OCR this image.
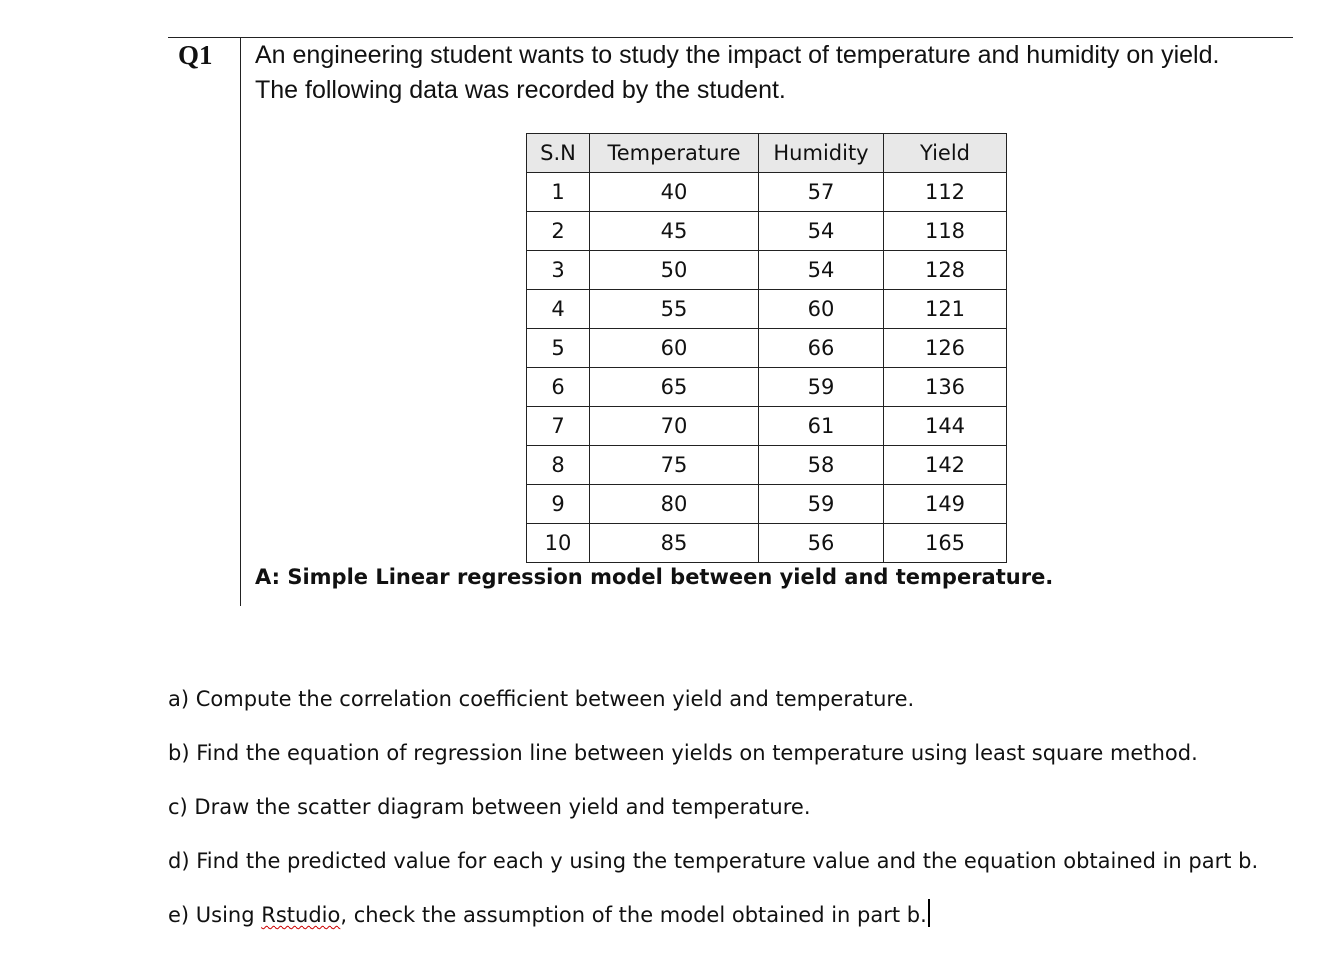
Q1 An engineering student wants to study the impact of temperature and humidity on yield.
The following data was recorded by the student.
S.N	Temperature	Humidity	Yield
1	40	57	112
2	45	54	118
3	50	54	128
4	55	60	121
5	60	66	126
6	65	59	136
7	70	61	144
8	75	58	142
9	80	59	149
10	85	56	165
A: Simple Linear regression model between yield and temperature.
a) Compute the correlation coefficient between yield and temperature.
b) Find the equation of regression line between yields on temperature using least square method.
c) Draw the scatter diagram between yield and temperature.
d) Find the predicted value for each y using the temperature value and the equation obtained in part b.
e) Using Rstudio, check the assumption of the model obtained in part b.
